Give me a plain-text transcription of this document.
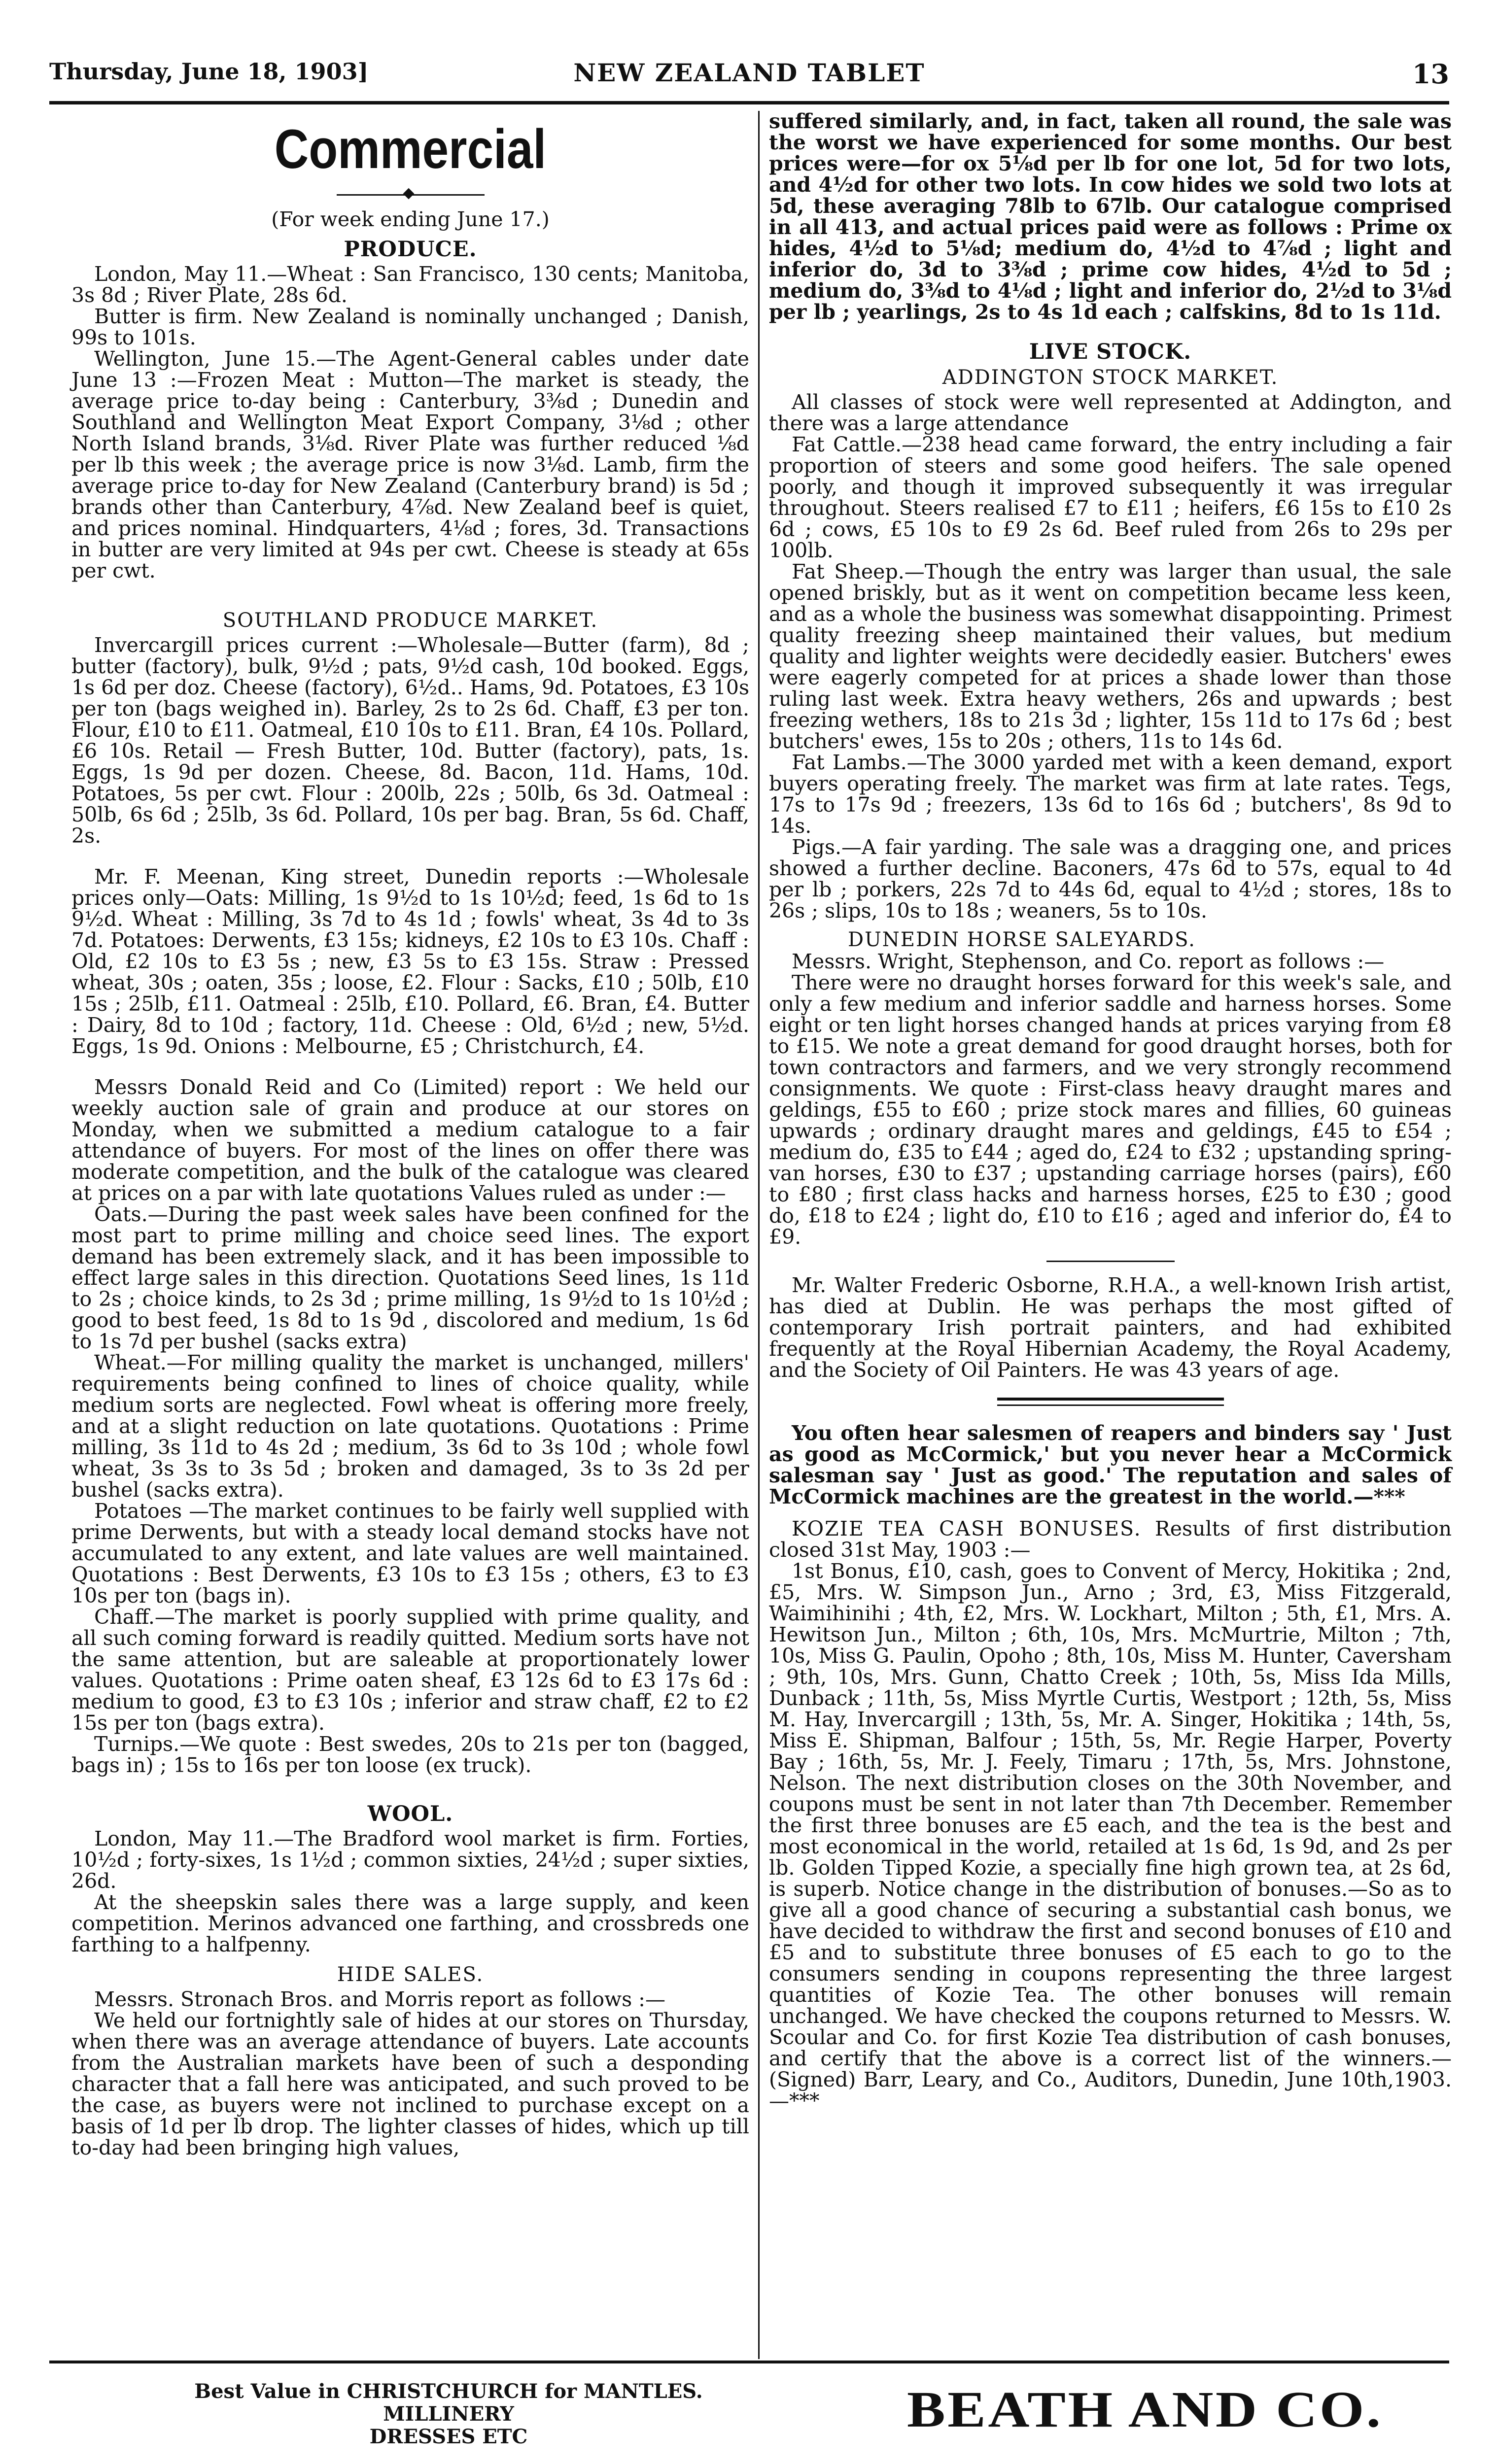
NEW ZEALAND TABLET
Thursday, June 18, 1903]	13
Commercial
(For week ending June 17.)
PRODUCE.

London, May 11.—Wheat : San Francisco, 130 cents; Manitoba, 3s 8d ; River Plate, 28s 6d.

Butter is firm. New Zealand is nominally unchanged ; Danish, 99s to 101s.

Wellington, June 15.—The Agent-General cables under date June 13 :—Frozen Meat : Mutton—The market is steady, the average price to-day being : Canterbury, 3⅜d ; Dunedin and Southland and Wellington Meat Export Company, 3⅛d ; other North Island brands, 3⅛d. River Plate was further reduced ⅛d per lb this week ; the average price is now 3⅛d. Lamb, firm the average price to-day for New Zealand (Canterbury brand) is 5d ; brands other than Canterbury, 4⅞d. New Zealand beef is quiet, and prices nominal. Hindquarters, 4⅛d ; fores, 3d. Transactions in butter are very limited at 94s per cwt. Cheese is steady at 65s per cwt.

SOUTHLAND PRODUCE MARKET.

Invercargill prices current :—Wholesale—Butter (farm), 8d ; butter (factory), bulk, 9½d ; pats, 9½d cash, 10d booked. Eggs, 1s 6d per doz. Cheese (factory), 6½d.. Hams, 9d. Potatoes, £3 10s per ton (bags weighed in). Barley, 2s to 2s 6d. Chaff, £3 per ton. Flour, £10 to £11. Oatmeal, £10 10s to £11. Bran, £4 10s. Pollard, £6 10s. Retail — Fresh Butter, 10d. Butter (factory), pats, 1s. Eggs, 1s 9d per dozen. Cheese, 8d. Bacon, 11d. Hams, 10d. Potatoes, 5s per cwt. Flour : 200lb, 22s ; 50lb, 6s 3d. Oatmeal : 50lb, 6s 6d ; 25lb, 3s 6d. Pollard, 10s per bag. Bran, 5s 6d. Chaff, 2s.

Mr. F. Meenan, King street, Dunedin reports :—Wholesale prices only—Oats: Milling, 1s 9½d to 1s 10½d; feed, 1s 6d to 1s 9½d. Wheat : Milling, 3s 7d to 4s 1d ; fowls' wheat, 3s 4d to 3s 7d. Potatoes: Derwents, £3 15s; kidneys, £2 10s to £3 10s. Chaff : Old, £2 10s to £3 5s ; new, £3 5s to £3 15s. Straw : Pressed wheat, 30s ; oaten, 35s ; loose, £2. Flour : Sacks, £10 ; 50lb, £10 15s ; 25lb, £11. Oatmeal : 25lb, £10. Pollard, £6. Bran, £4. Butter : Dairy, 8d to 10d ; factory, 11d. Cheese : Old, 6½d ; new, 5½d. Eggs, 1s 9d. Onions : Melbourne, £5 ; Christchurch, £4.

Messrs Donald Reid and Co (Limited) report : We held our weekly auction sale of grain and produce at our stores on Monday, when we submitted a medium catalogue to a fair attendance of buyers. For most of the lines on offer there was moderate competition, and the bulk of the catalogue was cleared at prices on a par with late quotations Values ruled as under :—

Oats.—During the past week sales have been confined for the most part to prime milling and choice seed lines. The export demand has been extremely slack, and it has been impossible to effect large sales in this direction. Quotations Seed lines, 1s 11d to 2s ; choice kinds, to 2s 3d ; prime milling, 1s 9½d to 1s 10½d ; good to best feed, 1s 8d to 1s 9d , discolored and medium, 1s 6d to 1s 7d per bushel (sacks extra)

Wheat.—For milling quality the market is unchanged, millers' requirements being confined to lines of choice quality, while medium sorts are neglected. Fowl wheat is offering more freely, and at a slight reduction on late quotations. Quotations : Prime milling, 3s 11d to 4s 2d ; medium, 3s 6d to 3s 10d ; whole fowl wheat, 3s 3s to 3s 5d ; broken and damaged, 3s to 3s 2d per bushel (sacks extra).

Potatoes —The market continues to be fairly well supplied with prime Derwents, but with a steady local demand stocks have not accumulated to any extent, and late values are well maintained. Quotations : Best Derwents, £3 10s to £3 15s ; others, £3 to £3 10s per ton (bags in).

Chaff.—The market is poorly supplied with prime quality, and all such coming forward is readily quitted. Medium sorts have not the same attention, but are saleable at proportionately lower values. Quotations : Prime oaten sheaf, £3 12s 6d to £3 17s 6d : medium to good, £3 to £3 10s ; inferior and straw chaff, £2 to £2 15s per ton (bags extra).

Turnips.—We quote : Best swedes, 20s to 21s per ton (bagged, bags in) ; 15s to 16s per ton loose (ex truck).

WOOL.

London, May 11.—The Bradford wool market is firm. Forties, 10½d ; forty-sixes, 1s 1½d ; common sixties, 24½d ; super sixties, 26d.

At the sheepskin sales there was a large supply, and keen competition. Merinos advanced one farthing, and crossbreds one farthing to a halfpenny.

HIDE SALES.

Messrs. Stronach Bros. and Morris report as follows :—

We held our fortnightly sale of hides at our stores on Thursday, when there was an average attendance of buyers. Late accounts from the Australian markets have been of such a desponding character that a fall here was anticipated, and such proved to be the case, as buyers were not inclined to purchase except on a basis of 1d per lb drop. The lighter classes of hides, which up till to-day had been bringing high values,

suffered similarly, and, in fact, taken all round, the sale was the worst we have experienced for some months. Our best prices were—for ox 5⅛d per lb for one lot, 5d for two lots, and 4½d for other two lots. In cow hides we sold two lots at 5d, these averaging 78lb to 67lb. Our catalogue comprised in all 413, and actual prices paid were as follows : Prime ox hides, 4½d to 5⅛d; medium do, 4½d to 4⅞d ; light and inferior do, 3d to 3⅜d ; prime cow hides, 4½d to 5d ; medium do, 3⅜d to 4⅛d ; light and inferior do, 2½d to 3⅛d per lb ; yearlings, 2s to 4s 1d each ; calfskins, 8d to 1s 11d.

LIVE STOCK.
ADDINGTON STOCK MARKET.

All classes of stock were well represented at Addington, and there was a large attendance

Fat Cattle.—238 head came forward, the entry including a fair proportion of steers and some good heifers. The sale opened poorly, and though it improved subsequently it was irregular throughout. Steers realised £7 to £11 ; heifers, £6 15s to £10 2s 6d ; cows, £5 10s to £9 2s 6d. Beef ruled from 26s to 29s per 100lb.

Fat Sheep.—Though the entry was larger than usual, the sale opened briskly, but as it went on competition became less keen, and as a whole the business was somewhat disappointing. Primest quality freezing sheep maintained their values, but medium quality and lighter weights were decidedly easier. Butchers' ewes were eagerly competed for at prices a shade lower than those ruling last week. Extra heavy wethers, 26s and upwards ; best freezing wethers, 18s to 21s 3d ; lighter, 15s 11d to 17s 6d ; best butchers' ewes, 15s to 20s ; others, 11s to 14s 6d.

Fat Lambs.—The 3000 yarded met with a keen demand, export buyers operating freely. The market was firm at late rates. Tegs, 17s to 17s 9d ; freezers, 13s 6d to 16s 6d ; butchers', 8s 9d to 14s.

Pigs.—A fair yarding. The sale was a dragging one, and prices showed a further decline. Baconers, 47s 6d to 57s, equal to 4d per lb ; porkers, 22s 7d to 44s 6d, equal to 4½d ; stores, 18s to 26s ; slips, 10s to 18s ; weaners, 5s to 10s.

DUNEDIN HORSE SALEYARDS.

Messrs. Wright, Stephenson, and Co. report as follows :—

There were no draught horses forward for this week's sale, and only a few medium and inferior saddle and harness horses. Some eight or ten light horses changed hands at prices varying from £8 to £15. We note a great demand for good draught horses, both for town contractors and farmers, and we very strongly recommend consignments. We quote : First-class heavy draught mares and geldings, £55 to £60 ; prize stock mares and fillies, 60 guineas upwards ; ordinary draught mares and geldings, £45 to £54 ; medium do, £35 to £44 ; aged do, £24 to £32 ; upstanding spring-van horses, £30 to £37 ; upstanding carriage horses (pairs), £60 to £80 ; first class hacks and harness horses, £25 to £30 ; good do, £18 to £24 ; light do, £10 to £16 ; aged and inferior do, £4 to £9.

Mr. Walter Frederic Osborne, R.H.A., a well-known Irish artist, has died at Dublin. He was perhaps the most gifted of contemporary Irish portrait painters, and had exhibited frequently at the Royal Hibernian Academy, the Royal Academy, and the Society of Oil Painters. He was 43 years of age.

You often hear salesmen of reapers and binders say ' Just as good as McCormick,' but you never hear a McCormick salesman say ' Just as good.' The reputation and sales of McCormick machines are the greatest in the world.—***

KOZIE TEA CASH BONUSES. Results of first distribution closed 31st May, 1903 :—

1st Bonus, £10, cash, goes to Convent of Mercy, Hokitika ; 2nd, £5, Mrs. W. Simpson Jun., Arno ; 3rd, £3, Miss Fitzgerald, Waimihinihi ; 4th, £2, Mrs. W. Lockhart, Milton ; 5th, £1, Mrs. A. Hewitson Jun., Milton ; 6th, 10s, Mrs. McMurtrie, Milton ; 7th, 10s, Miss G. Paulin, Opoho ; 8th, 10s, Miss M. Hunter, Caversham ; 9th, 10s, Mrs. Gunn, Chatto Creek ; 10th, 5s, Miss Ida Mills, Dunback ; 11th, 5s, Miss Myrtle Curtis, Westport ; 12th, 5s, Miss M. Hay, Invercargill ; 13th, 5s, Mr. A. Singer, Hokitika ; 14th, 5s, Miss E. Shipman, Balfour ; 15th, 5s, Mr. Regie Harper, Poverty Bay ; 16th, 5s, Mr. J. Feely, Timaru ; 17th, 5s, Mrs. Johnstone, Nelson. The next distribution closes on the 30th November, and coupons must be sent in not later than 7th December. Remember the first three bonuses are £5 each, and the tea is the best and most economical in the world, retailed at 1s 6d, 1s 9d, and 2s per lb. Golden Tipped Kozie, a specially fine high grown tea, at 2s 6d, is superb. Notice change in the distribution of bonuses.—So as to give all a good chance of securing a substantial cash bonus, we have decided to withdraw the first and second bonuses of £10 and £5 and to substitute three bonuses of £5 each to go to the consumers sending in coupons representing the three largest quantities of Kozie Tea. The other bonuses will remain unchanged. We have checked the coupons returned to Messrs. W. Scoular and Co. for first Kozie Tea distribution of cash bonuses, and certify that the above is a correct list of the winners.—(Signed) Barr, Leary, and Co., Auditors, Dunedin, June 10th,1903.—***

Best Value in CHRISTCHURCH for MANTLES. MILLINERY
DRESSES ETC	BEATH AND CO.
